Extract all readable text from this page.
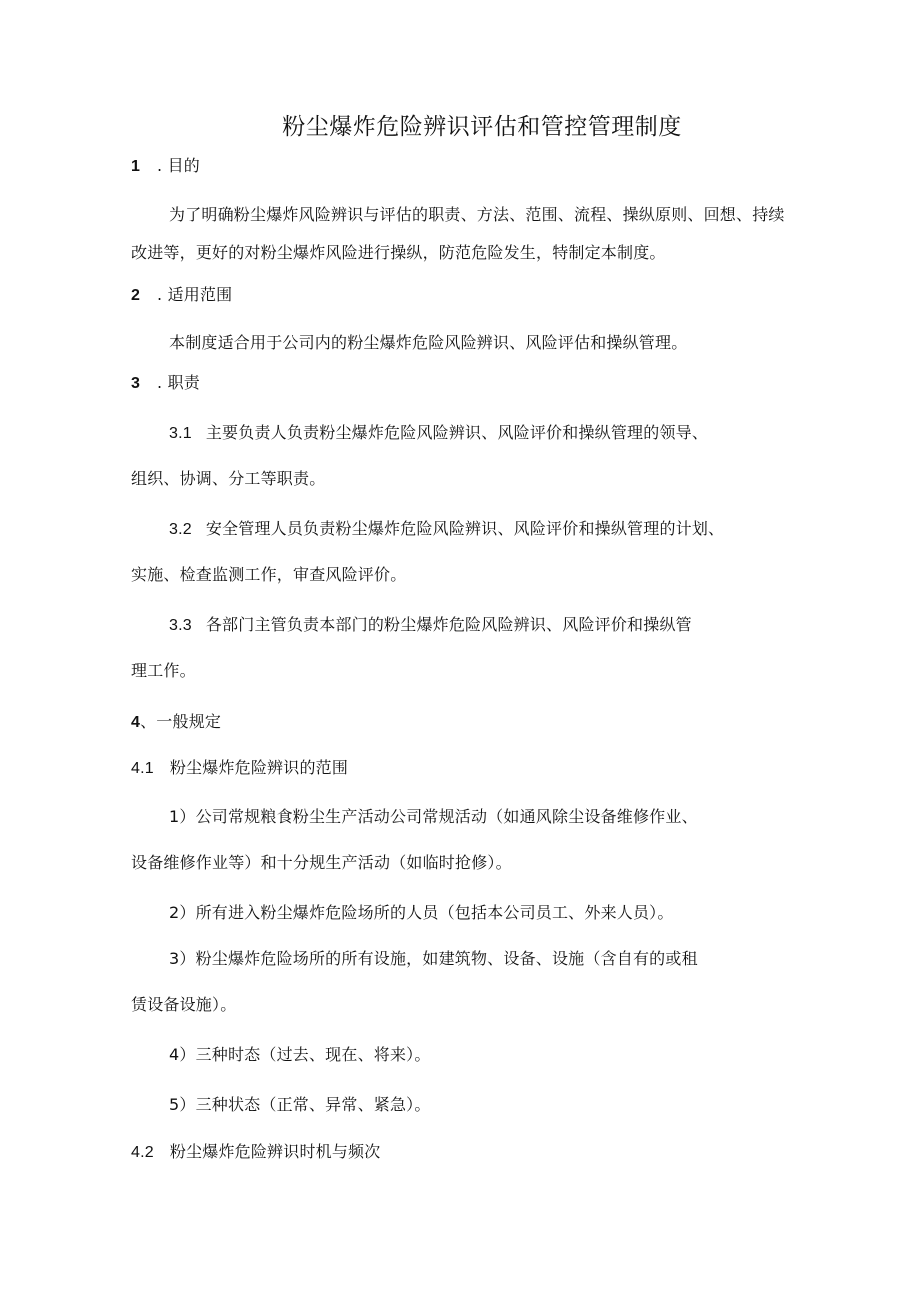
粉尘爆炸危险辨识评估和管控管理制度
1 . 目的
为了明确粉尘爆炸风险辨识与评估的职责、方法、范围、流程、操纵原则、回想、持续
改进等，更好的对粉尘爆炸风险进行操纵，防范危险发生，特制定本制度。
2 . 适用范围
本制度适合用于公司内的粉尘爆炸危险风险辨识、风险评估和操纵管理。
3 . 职责
3.1 主要负责人负责粉尘爆炸危险风险辨识、风险评价和操纵管理的领导、
组织、协调、分工等职责。
3.2 安全管理人员负责粉尘爆炸危险风险辨识、风险评价和操纵管理的计划、
实施、检查监测工作，审查风险评价。
3.3 各部门主管负责本部门的粉尘爆炸危险风险辨识、风险评价和操纵管
理工作。
4、一般规定
4.1 粉尘爆炸危险辨识的范围
1）公司常规粮食粉尘生产活动公司常规活动（如通风除尘设备维修作业、
设备维修作业等）和十分规生产活动（如临时抢修）。
2）所有进入粉尘爆炸危险场所的人员（包括本公司员工、外来人员）。
3）粉尘爆炸危险场所的所有设施，如建筑物、设备、设施（含自有的或租
赁设备设施）。
4）三种时态（过去、现在、将来）。
5）三种状态（正常、异常、紧急）。
4.2 粉尘爆炸危险辨识时机与频次
